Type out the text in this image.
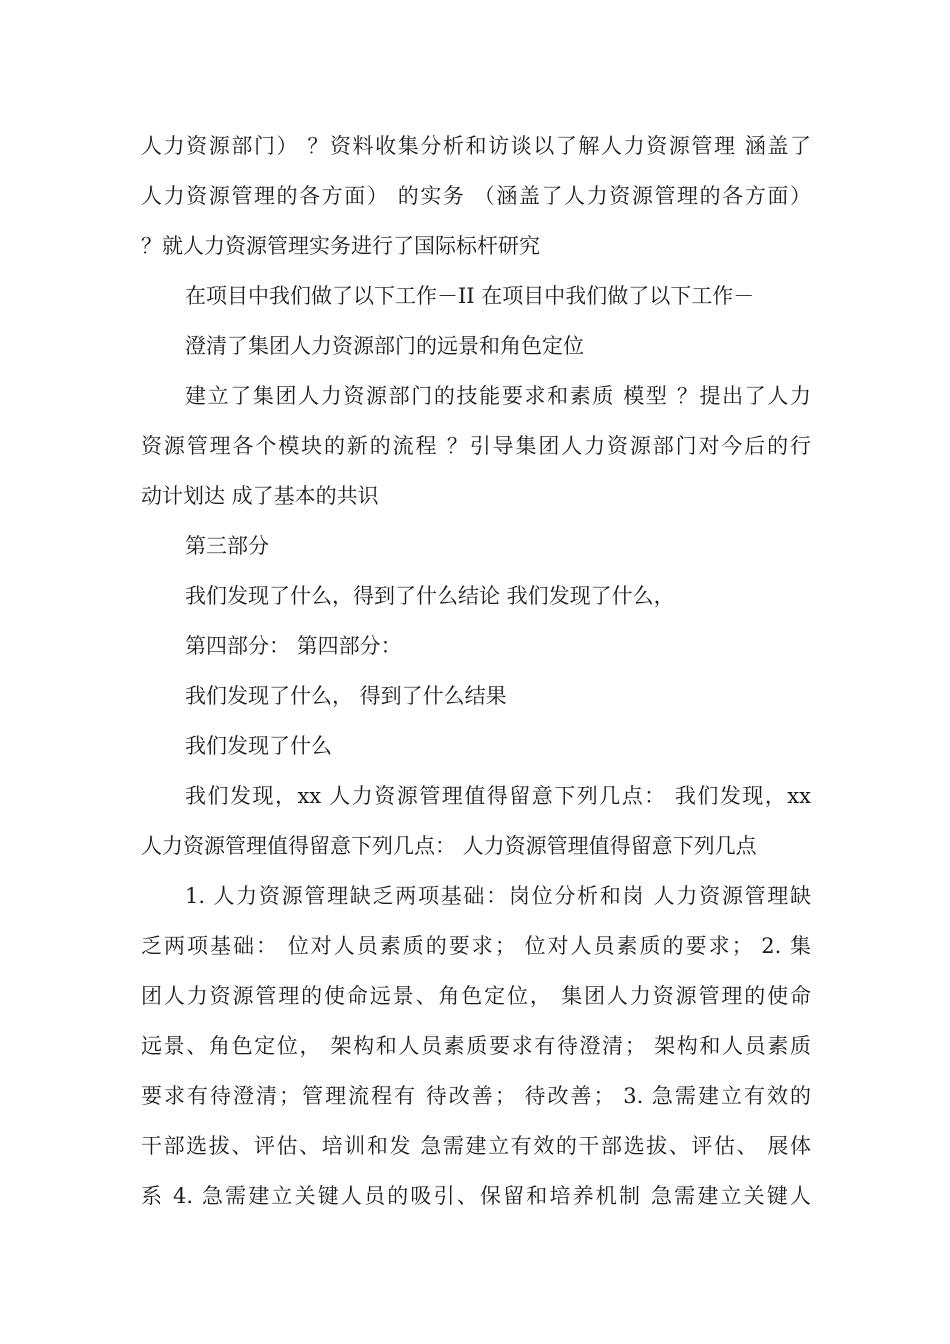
人力资源部门） ？资料收集分析和访谈以了解人力资源管理 涵盖了
人力资源管理的各方面） 的实务 （涵盖了人力资源管理的各方面）
？就人力资源管理实务进行了国际标杆研究
在项目中我们做了以下工作－II 在项目中我们做了以下工作－
澄清了集团人力资源部门的远景和角色定位
建立了集团人力资源部门的技能要求和素质 模型 ？提出了人力
资源管理各个模块的新的流程 ？引导集团人力资源部门对今后的行
动计划达 成了基本的共识
第三部分
我们发现了什么，得到了什么结论 我们发现了什么，
第四部分： 第四部分：
我们发现了什么， 得到了什么结果
我们发现了什么
我们发现，xx 人力资源管理值得留意下列几点： 我们发现，xx
人力资源管理值得留意下列几点： 人力资源管理值得留意下列几点
1. 人力资源管理缺乏两项基础：岗位分析和岗 人力资源管理缺
乏两项基础： 位对人员素质的要求； 位对人员素质的要求； 2. 集
团人力资源管理的使命远景、角色定位， 集团人力资源管理的使命
远景、角色定位， 架构和人员素质要求有待澄清； 架构和人员素质
要求有待澄清；管理流程有 待改善； 待改善； 3. 急需建立有效的
干部选拔、评估、培训和发 急需建立有效的干部选拔、评估、 展体
系 4. 急需建立关键人员的吸引、保留和培养机制 急需建立关键人
